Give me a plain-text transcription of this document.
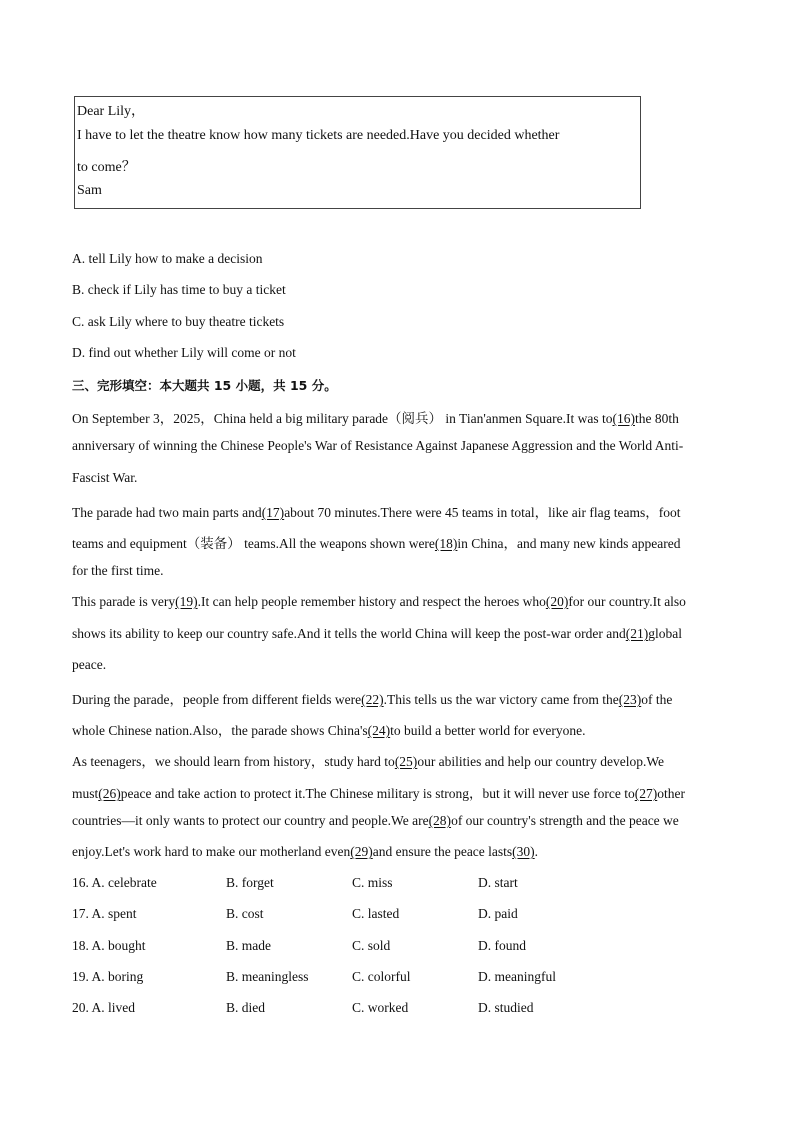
Dear Lily，
I have to let the theatre know how many tickets are needed.Have you decided whether
to come？
Sam
A. tell Lily how to make a decision
B. check if Lily has time to buy a ticket
C. ask Lily where to buy theatre tickets
D. find out whether Lily will come or not
三、完形填空：本大题共 15 小题，共 15 分。
On September 3，2025，China held a big military parade（阅兵） in Tian'anmen Square.It was to(16)the 80th
anniversary of winning the Chinese People's War of Resistance Against Japanese Aggression and the World Anti-
Fascist War.
The parade had two main parts and(17)about 70 minutes.There were 45 teams in total，like air flag teams，foot
teams and equipment（装备） teams.All the weapons shown were(18)in China，and many new kinds appeared
for the first time.
This parade is very(19).It can help people remember history and respect the heroes who(20)for our country.It also
shows its ability to keep our country safe.And it tells the world China will keep the post-war order and(21)global
peace.
During the parade，people from different fields were(22).This tells us the war victory came from the(23)of the
whole Chinese nation.Also，the parade shows China's(24)to build a better world for everyone.
As teenagers，we should learn from history，study hard to(25)our abilities and help our country develop.We
must(26)peace and take action to protect it.The Chinese military is strong，but it will never use force to(27)other
countries—it only wants to protect our country and people.We are(28)of our country's strength and the peace we
enjoy.Let's work hard to make our motherland even(29)and ensure the peace lasts(30).
16. A. celebrate	B. forget	C. miss	D. start
17. A. spent	B. cost	C. lasted	D. paid
18. A. bought	B. made	C. sold	D. found
19. A. boring	B. meaningless	C. colorful	D. meaningful
20. A. lived	B. died	C. worked	D. studied
